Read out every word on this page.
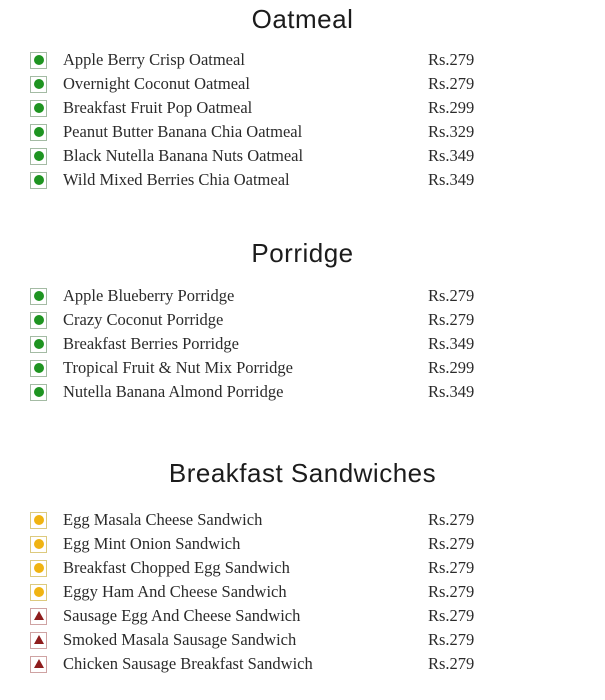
Oatmeal
Apple Berry Crisp Oatmeal	Rs.279
Overnight Coconut Oatmeal	Rs.279
Breakfast Fruit Pop Oatmeal	Rs.299
Peanut Butter Banana Chia Oatmeal	Rs.329
Black Nutella Banana Nuts Oatmeal	Rs.349
Wild Mixed Berries Chia Oatmeal	Rs.349
Porridge
Apple Blueberry Porridge	Rs.279
Crazy Coconut Porridge	Rs.279
Breakfast Berries Porridge	Rs.349
Tropical Fruit & Nut Mix Porridge	Rs.299
Nutella Banana Almond Porridge	Rs.349
Breakfast Sandwiches
Egg Masala Cheese Sandwich	Rs.279
Egg Mint Onion Sandwich	Rs.279
Breakfast Chopped Egg Sandwich	Rs.279
Eggy Ham And Cheese Sandwich	Rs.279
Sausage Egg And Cheese Sandwich	Rs.279
Smoked Masala Sausage Sandwich	Rs.279
Chicken Sausage Breakfast Sandwich	Rs.279
